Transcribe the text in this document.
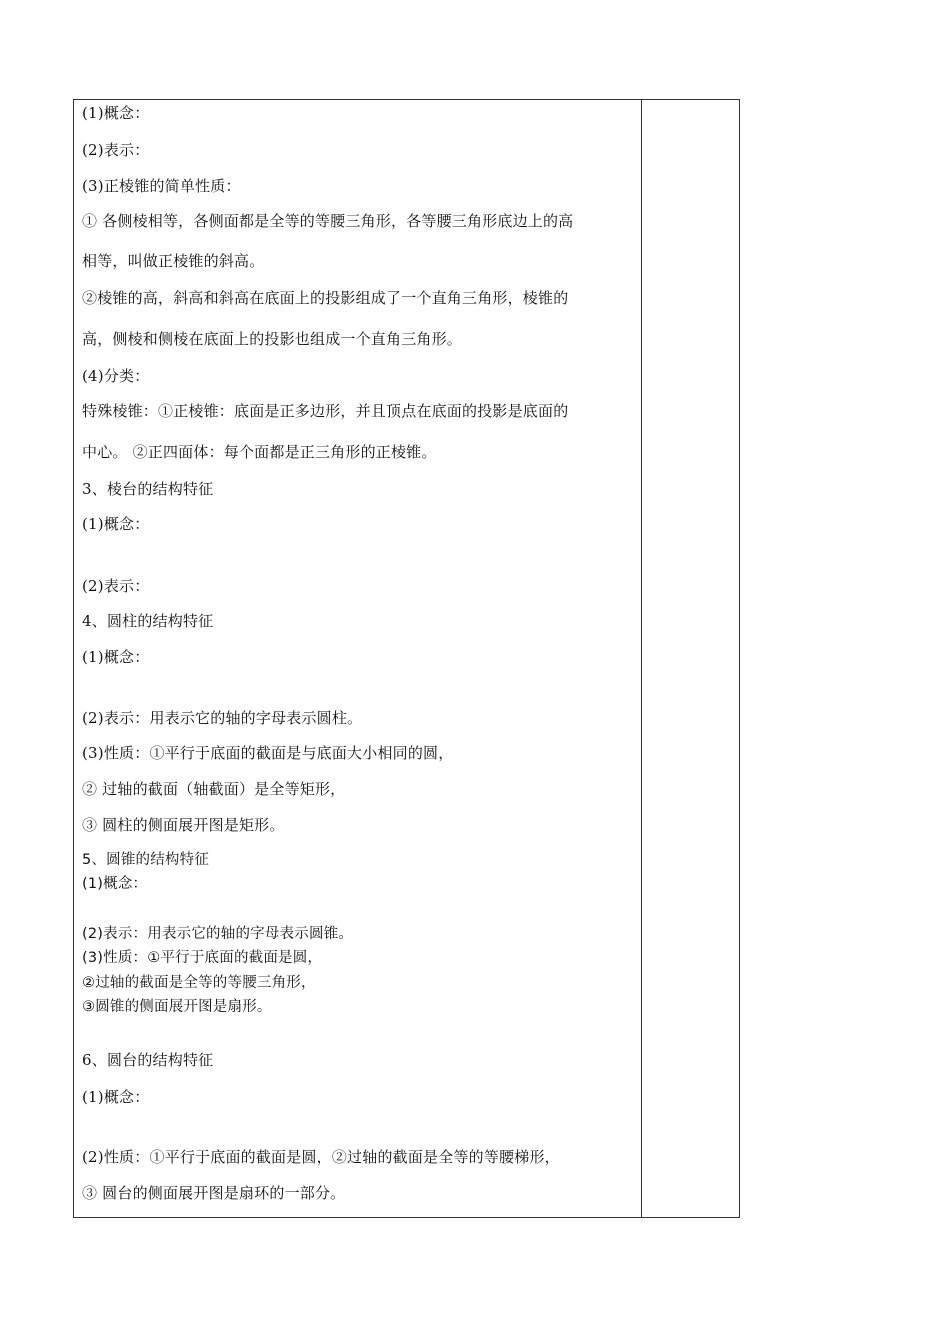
(1)概念：
(2)表示：
(3)正棱锥的简单性质：
① 各侧棱相等，各侧面都是全等的等腰三角形，各等腰三角形底边上的高
相等，叫做正棱锥的斜高。
②棱锥的高，斜高和斜高在底面上的投影组成了一个直角三角形，棱锥的
高，侧棱和侧棱在底面上的投影也组成一个直角三角形。
(4)分类：
特殊棱锥：①正棱锥：底面是正多边形，并且顶点在底面的投影是底面的
中心。 ②正四面体：每个面都是正三角形的正棱锥。
3、棱台的结构特征
(1)概念：
(2)表示：
4、圆柱的结构特征
(1)概念：
(2)表示：用表示它的轴的字母表示圆柱。
(3)性质：①平行于底面的截面是与底面大小相同的圆，
② 过轴的截面（轴截面）是全等矩形，
③ 圆柱的侧面展开图是矩形。
5、圆锥的结构特征
(1)概念：
(2)表示：用表示它的轴的字母表示圆锥。
(3)性质：①平行于底面的截面是圆，
②过轴的截面是全等的等腰三角形，
③圆锥的侧面展开图是扇形。
6、圆台的结构特征
(1)概念：
(2)性质：①平行于底面的截面是圆，②过轴的截面是全等的等腰梯形，
③ 圆台的侧面展开图是扇环的一部分。
